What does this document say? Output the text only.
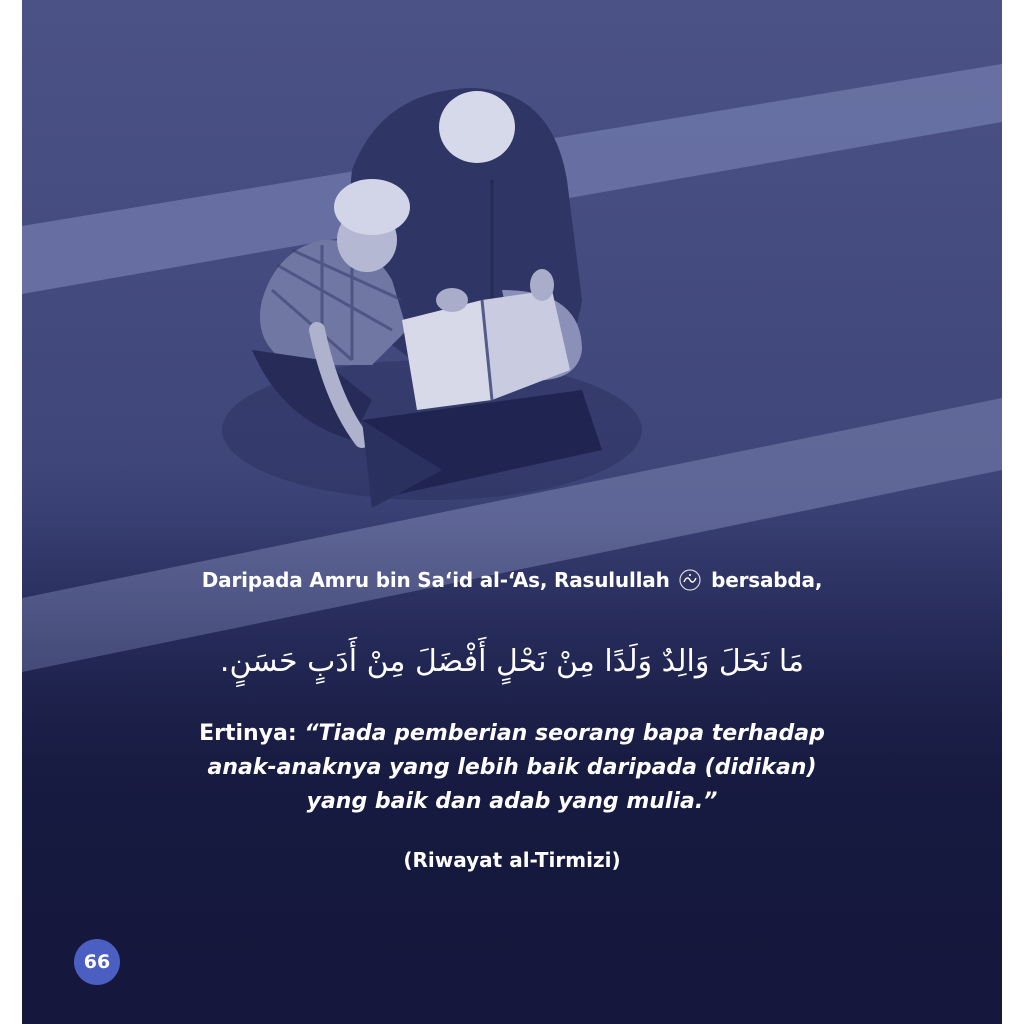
Daripada Amru bin Sa‘id al-‘As, Rasulullah bersabda,
مَا نَحَلَ وَالِدٌ وَلَدًا مِنْ نَحْلٍ أَفْضَلَ مِنْ أَدَبٍ حَسَنٍ.
Ertinya: “Tiada pemberian seorang bapa terhadap
anak-anaknya yang lebih baik daripada (didikan)
yang baik dan adab yang mulia.”
(Riwayat al-Tirmizi)
66
